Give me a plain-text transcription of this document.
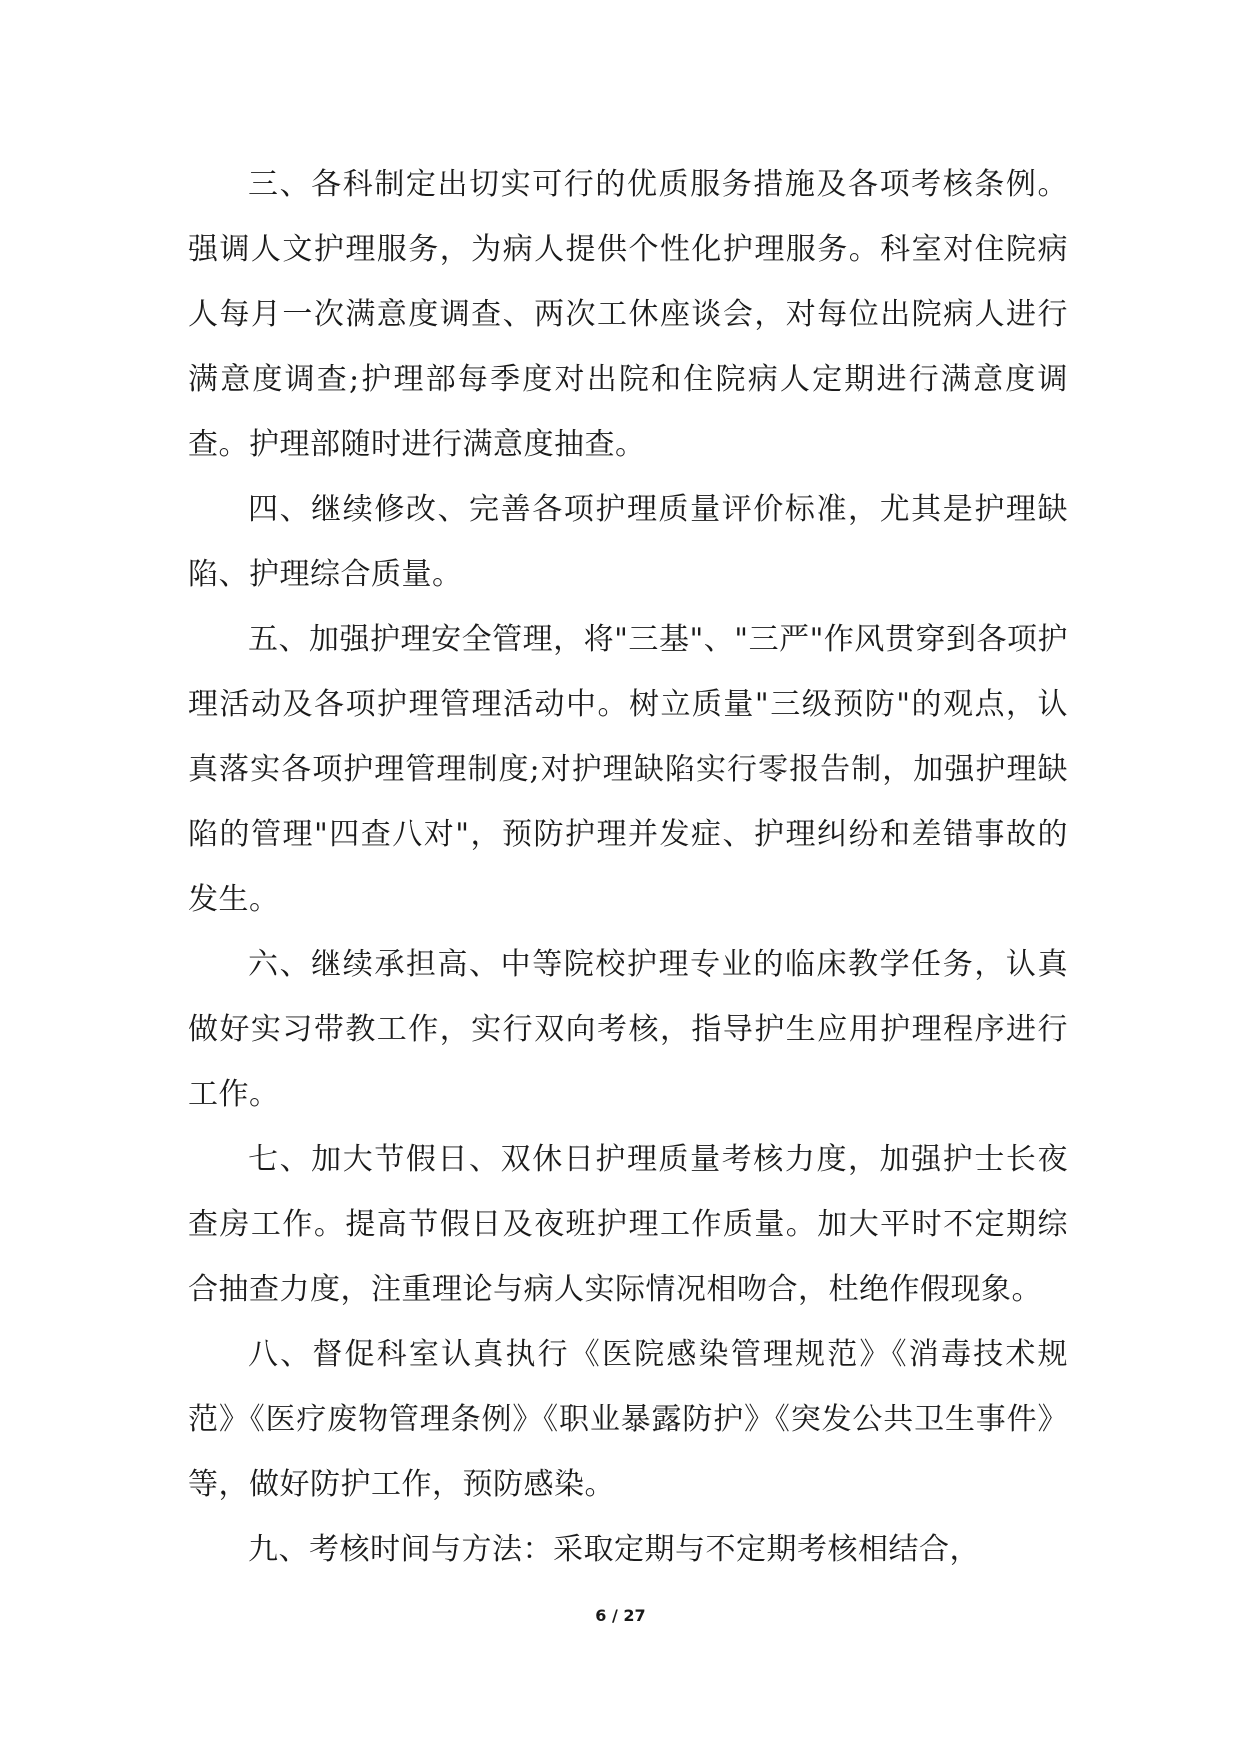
三、各科制定出切实可行的优质服务措施及各项考核条例。强调人文护理服务，为病人提供个性化护理服务。科室对住院病人每月一次满意度调查、两次工休座谈会，对每位出院病人进行满意度调查;护理部每季度对出院和住院病人定期进行满意度调查。护理部随时进行满意度抽查。

四、继续修改、完善各项护理质量评价标准，尤其是护理缺陷、护理综合质量。

五、加强护理安全管理，将"三基"、"三严"作风贯穿到各项护理活动及各项护理管理活动中。树立质量"三级预防"的观点，认真落实各项护理管理制度;对护理缺陷实行零报告制，加强护理缺陷的管理"四查八对"，预防护理并发症、护理纠纷和差错事故的发生。

六、继续承担高、中等院校护理专业的临床教学任务，认真做好实习带教工作，实行双向考核，指导护生应用护理程序进行工作。

七、加大节假日、双休日护理质量考核力度，加强护士长夜查房工作。提高节假日及夜班护理工作质量。加大平时不定期综合抽查力度，注重理论与病人实际情况相吻合，杜绝作假现象。

八、督促科室认真执行《医院感染管理规范》《消毒技术规范》《医疗废物管理条例》《职业暴露防护》《突发公共卫生事件》等，做好防护工作，预防感染。

九、考核时间与方法：采取定期与不定期考核相结合，

6 / 27
